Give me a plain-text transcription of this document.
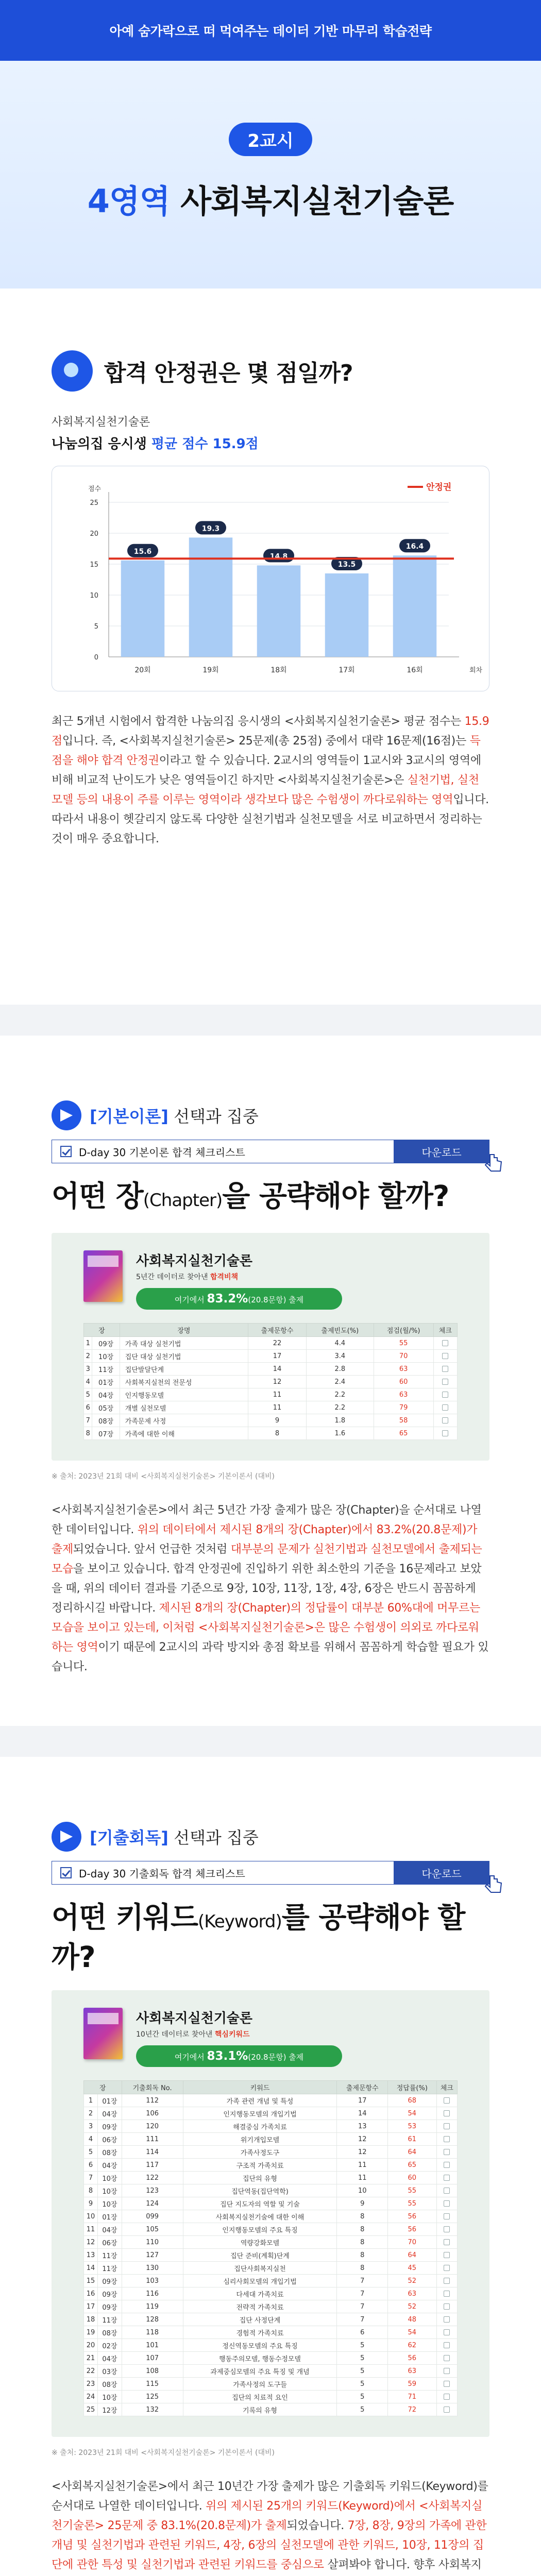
아예 숨가락으로 떠 먹여주는 데이터 기반 마무리 학습전략
2교시
4영역 사회복지실천기술론
합격 안정권은 몇 점일까?
사회복지실천기술론
나눔의집 응시생 평균 점수 15.9점
0
5
10
15
20
25
점수
회차
15.6
20회
19.3
19회
14.8
18회
13.5
17회
16.4
16회
안정권
최근 5개년 시험에서 합격한 나눔의집 응시생의 <사회복지실천기술론> 평균 점수는 15.9점입니다. 즉, <사회복지실천기술론> 25문제(총 25점) 중에서 대략 16문제(16점)는 득점을 해야 합격 안정권이라고 할 수 있습니다. 2교시의 영역들이 1교시와 3교시의 영역에 비해 비교적 난이도가 낮은 영역들이긴 하지만 <사회복지실천기술론>은 실천기법, 실천모델 등의 내용이 주를 이루는 영역이라 생각보다 많은 수험생이 까다로워하는 영역입니다. 따라서 내용이 헷갈리지 않도록 다양한 실천기법과 실천모델을 서로 비교하면서 정리하는 것이 매우 중요합니다.
[기본이론] 선택과 집중
D-day 30 기본이론 합격 체크리스트	다운로드
어떤 장(Chapter)을 공략해야 할까?
사회복지실천기술론
5년간 데이터로 찾아낸 합격비책
여기에서 83.2%(20.8문항) 출제
장		장명	출제문항수	출제빈도(%)	점검(월/%)	체크
1	09장	가족 대상 실천기법	22	4.4	55	
2	10장	집단 대상 실천기법	17	3.4	70	
3	11장	집단발달단계	14	2.8	63	
4	01장	사회복지실천의 전문성	12	2.4	60	
5	04장	인지행동모델	11	2.2	63	
6	05장	개별 실천모델	11	2.2	79	
7	08장	가족문제 사정	9	1.8	58	
8	07장	가족에 대한 이해	8	1.6	65	
※ 출처: 2023년 21회 대비 <사회복지실천기술론> 기본이론서 (대비)
<사회복지실천기술론>에서 최근 5년간 가장 출제가 많은 장(Chapter)을 순서대로 나열한 데이터입니다. 위의 데이터에서 제시된 8개의 장(Chapter)에서 83.2%(20.8문제)가 출제되었습니다. 앞서 언급한 것처럼 대부분의 문제가 실천기법과 실천모델에서 출제되는 모습을 보이고 있습니다. 합격 안정권에 진입하기 위한 최소한의 기준을 16문제라고 보았을 때, 위의 데이터 결과를 기준으로 9장, 10장, 11장, 1장, 4장, 6장은 반드시 꼼꼼하게 정리하시길 바랍니다. 제시된 8개의 장(Chapter)의 정답률이 대부분 60%대에 머무르는 모습을 보이고 있는데, 이처럼 <사회복지실천기술론>은 많은 수험생이 의외로 까다로워하는 영역이기 때문에 2교시의 과락 방지와 총점 확보를 위해서 꼼꼼하게 학습할 필요가 있습니다.
[기출회독] 선택과 집중
D-day 30 기출회독 합격 체크리스트	다운로드
어떤 키워드(Keyword)를 공략해야 할까?
사회복지실천기술론
10년간 데이터로 찾아낸 핵심키워드
여기에서 83.1%(20.8문항) 출제
장		기출회독 No.	키워드	출제문항수	정답률(%)	체크
1	01장	112	가족 관련 개념 및 특성	17	68	
2	04장	106	인지행동모델의 개입기법	14	54	
3	09장	120	해결중심 가족치료	13	53	
4	06장	111	위기개입모델	12	61	
5	08장	114	가족사정도구	12	64	
6	04장	117	구조적 가족치료	11	65	
7	10장	122	집단의 유형	11	60	
8	10장	123	집단역동(집단역학)	10	55	
9	10장	124	집단 지도자의 역할 및 기술	9	55	
10	01장	099	사회복지실천기술에 대한 이해	8	56	
11	04장	105	인지행동모델의 주요 특징	8	56	
12	06장	110	역량강화모델	8	70	
13	11장	127	집단 준비(계획)단계	8	64	
14	11장	130	집단사회복지실천	8	45	
15	09장	103	심리사회모델의 개입기법	7	52	
16	09장	116	다세대 가족치료	7	63	
17	09장	119	전략적 가족치료	7	52	
18	11장	128	집단 사정단계	7	48	
19	08장	118	경험적 가족치료	6	54	
20	02장	101	정신역동모델의 주요 특징	5	62	
21	04장	107	행동주의모델, 행동수정모델	5	56	
22	03장	108	과제중심모델의 주요 특징 및 개념	5	63	
23	08장	115	가족사정의 도구들	5	59	
24	10장	125	집단의 치료적 요인	5	71	
25	12장	132	기록의 유형	5	72	
※ 출처: 2023년 21회 대비 <사회복지실천기술론> 기본이론서 (대비)
<사회복지실천기술론>에서 최근 10년간 가장 출제가 많은 기출회독 키워드(Keyword)를 순서대로 나열한 데이터입니다. 위의 제시된 25개의 키워드(Keyword)에서 <사회복지실천기술론> 25문제 중 83.1%(20.8문제)가 출제되었습니다. 7장, 8장, 9장의 가족에 관한 개념 및 실천기법과 관련된 키워드, 4장, 6장의 실천모델에 관한 키워드, 10장, 11장의 집단에 관한 특성 및 실천기법과 관련된 키워드를 중심으로 살펴봐야 합니다. 향후 사회복지
